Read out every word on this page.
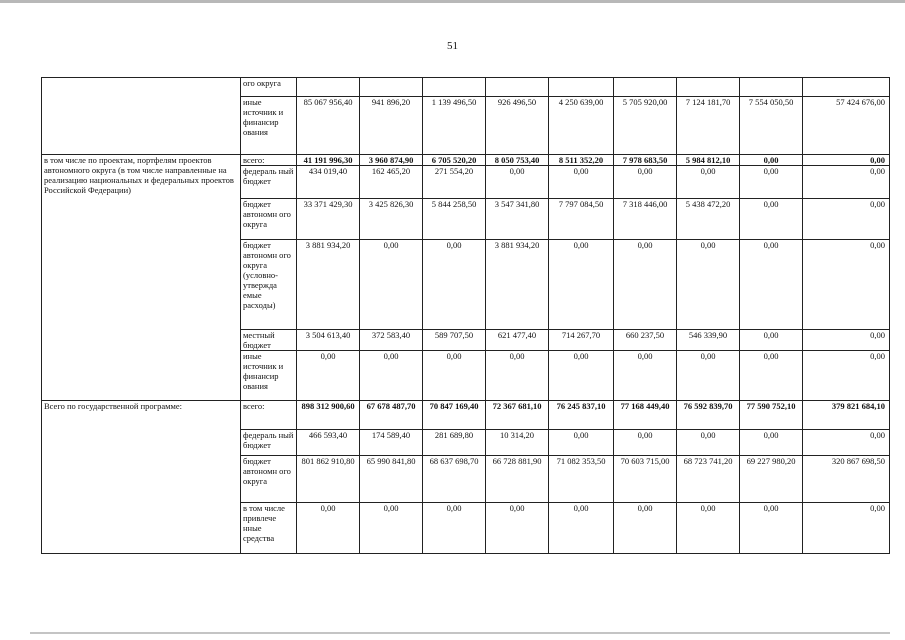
51
	ого округа									
	иные источник и финансир ования	85 067 956,40	941 896,20	1 139 496,50	926 496,50	4 250 639,00	5 705 920,00	7 124 181,70	7 554 050,50	57 424 676,00
в том числе по проектам, портфелям проектов автономного округа (в том числе направленные на реализацию национальных и федеральных проектов Российской Федерации)	всего:	41 191 996,30	3 960 874,90	6 705 520,20	8 050 753,40	8 511 352,20	7 978 683,50	5 984 812,10	0,00	0,00
	федераль ный бюджет	434 019,40	162 465,20	271 554,20	0,00	0,00	0,00	0,00	0,00	0,00
	бюджет автономн ого округа	33 371 429,30	3 425 826,30	5 844 258,50	3 547 341,80	7 797 084,50	7 318 446,00	5 438 472,20	0,00	0,00
	бюджет автономн ого округа (условно- утвержда емые расходы)	3 881 934,20	0,00	0,00	3 881 934,20	0,00	0,00	0,00	0,00	0,00
	местный бюджет	3 504 613,40	372 583,40	589 707,50	621 477,40	714 267,70	660 237,50	546 339,90	0,00	0,00
	иные источник и финансир ования	0,00	0,00	0,00	0,00	0,00	0,00	0,00	0,00	0,00
Всего по государственной программе:	всего:	898 312 900,60	67 678 487,70	70 847 169,40	72 367 681,10	76 245 837,10	77 168 449,40	76 592 839,70	77 590 752,10	379 821 684,10
	федераль ный бюджет	466 593,40	174 589,40	281 689,80	10 314,20	0,00	0,00	0,00	0,00	0,00
	бюджет автономн ого округа	801 862 910,80	65 990 841,80	68 637 698,70	66 728 881,90	71 082 353,50	70 603 715,00	68 723 741,20	69 227 980,20	320 867 698,50
	в том числе привлече нные средства	0,00	0,00	0,00	0,00	0,00	0,00	0,00	0,00	0,00
